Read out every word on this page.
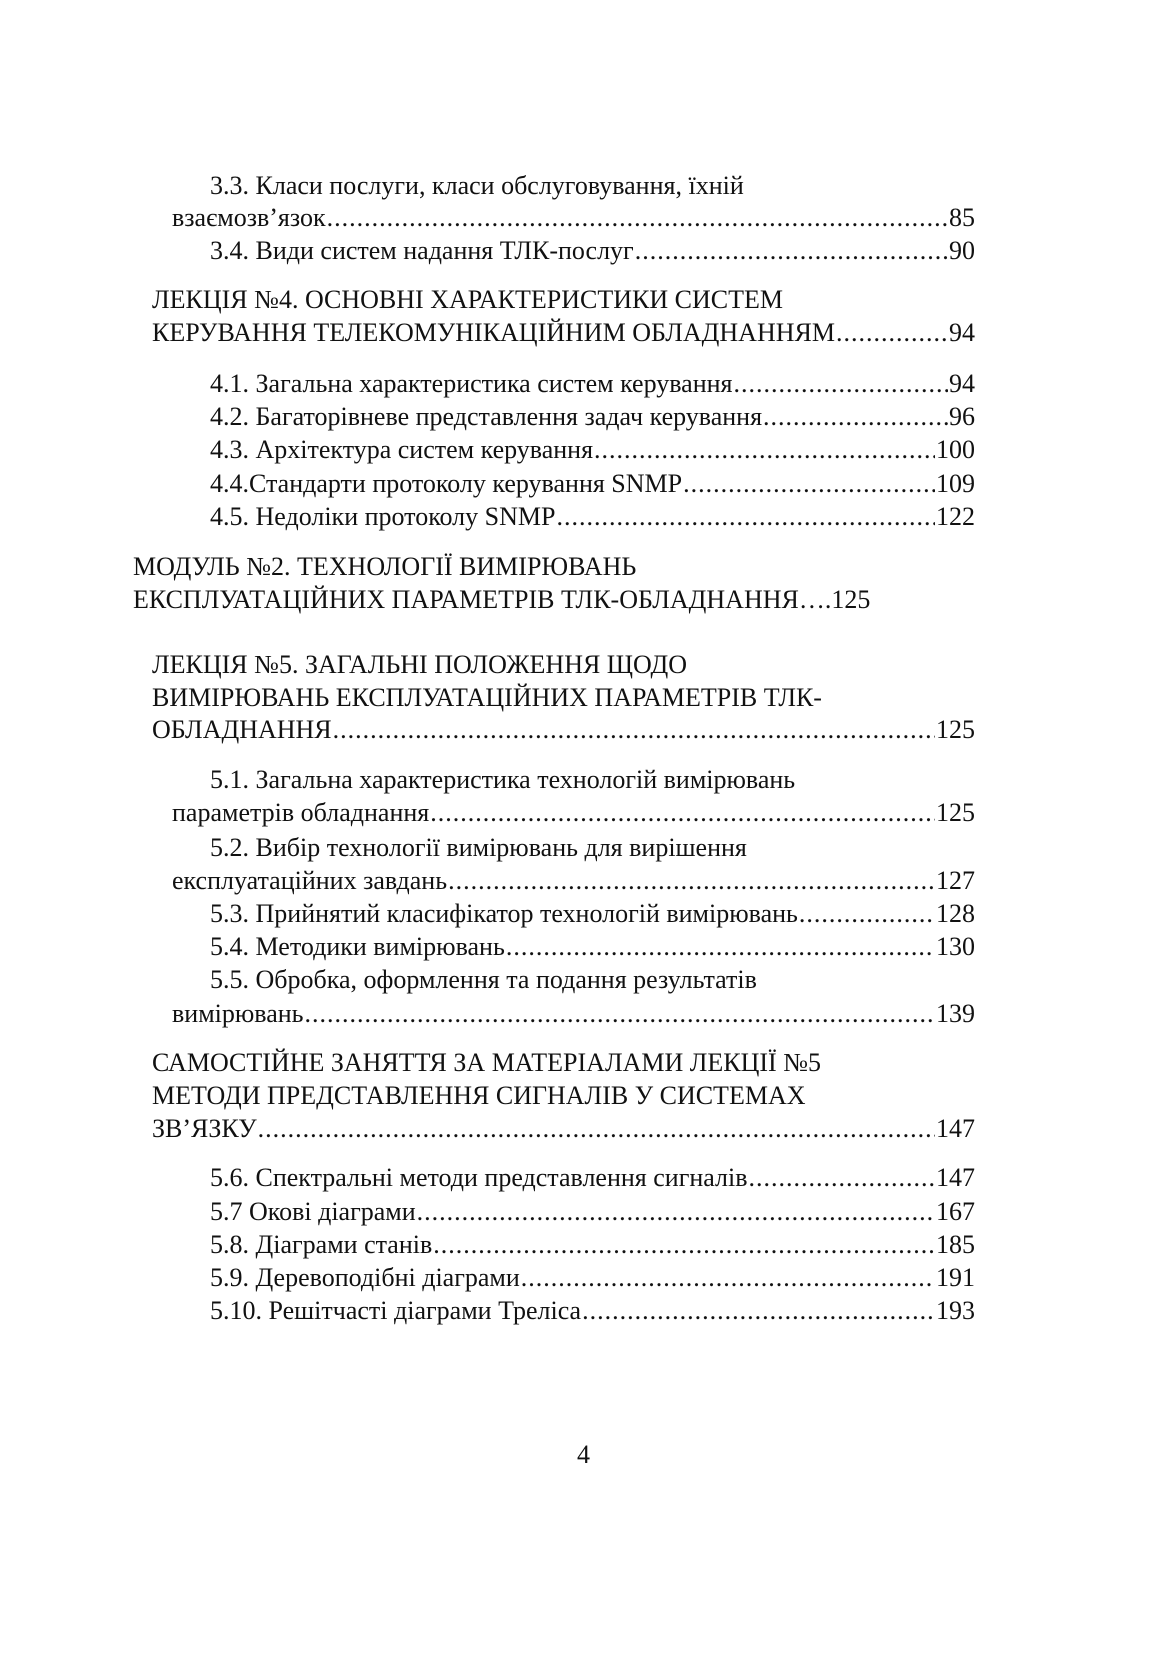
3.3. Класи послуги, класи обслуговування, їхній
взаємозв’язок .....	85
3.4. Види систем надання ТЛК-послуг .....	90
ЛЕКЦІЯ №4. ОСНОВНІ ХАРАКТЕРИСТИКИ СИСТЕМ
КЕРУВАННЯ ТЕЛЕКОМУНІКАЦІЙНИМ ОБЛАДНАННЯМ .....	94
4.1. Загальна характеристика систем керування .....	94
4.2. Багаторівневе представлення задач керування .....	96
4.3. Архітектура систем керування .....	100
4.4.Стандарти протоколу керування SNMP .....	109
4.5. Недоліки протоколу SNMP .....	122
МОДУЛЬ №2. ТЕХНОЛОГІЇ ВИМІРЮВАНЬ
ЕКСПЛУАТАЦІЙНИХ ПАРАМЕТРІВ ТЛК-ОБЛАДНАННЯ…. 125
ЛЕКЦІЯ №5. ЗАГАЛЬНІ ПОЛОЖЕННЯ ЩОДО
ВИМІРЮВАНЬ ЕКСПЛУАТАЦІЙНИХ ПАРАМЕТРІВ ТЛК-
ОБЛАДНАННЯ .....	125
5.1. Загальна характеристика технологій вимірювань
параметрів обладнання .....	125
5.2. Вибір технології вимірювань для вирішення
експлуатаційних завдань .....	127
5.3. Прийнятий класифікатор технологій вимірювань .....	128
5.4. Методики вимірювань .....	130
5.5. Обробка, оформлення та подання результатів
вимірювань .....	139
САМОСТІЙНЕ ЗАНЯТТЯ ЗА МАТЕРІАЛАМИ ЛЕКЦІЇ №5
МЕТОДИ ПРЕДСТАВЛЕННЯ СИГНАЛІВ У СИСТЕМАХ
ЗВ’ЯЗКУ .....	147
5.6. Спектральні методи представлення сигналів .....	147
5.7 Окові діаграми .....	167
5.8. Діаграми станів .....	185
5.9. Деревоподібні діаграми .....	191
5.10. Решітчасті діаграми Треліса .....	193
4
